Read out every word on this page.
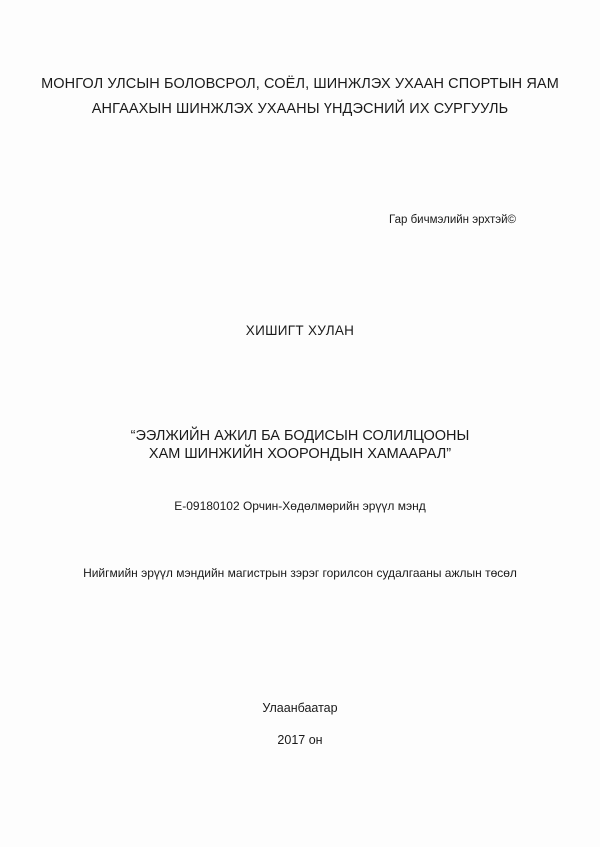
МОНГОЛ УЛСЫН БОЛОВСРОЛ, СОЁЛ, ШИНЖЛЭХ УХААН СПОРТЫН ЯАМ
АНГААХЫН ШИНЖЛЭХ УХААНЫ ҮНДЭСНИЙ ИХ СУРГУУЛЬ
Гар бичмэлийн эрхтэй©
ХИШИГТ ХУЛАН
“ЭЭЛЖИЙН АЖИЛ БА БОДИСЫН СОЛИЛЦООНЫ
ХАМ ШИНЖИЙН ХООРОНДЫН ХАМААРАЛ”
Е-09180102 Орчин-Хөдөлмөрийн эрүүл мэнд
Нийгмийн эрүүл мэндийн магистрын зэрэг горилсон судалгааны ажлын төсөл
Улаанбаатар
2017 он
